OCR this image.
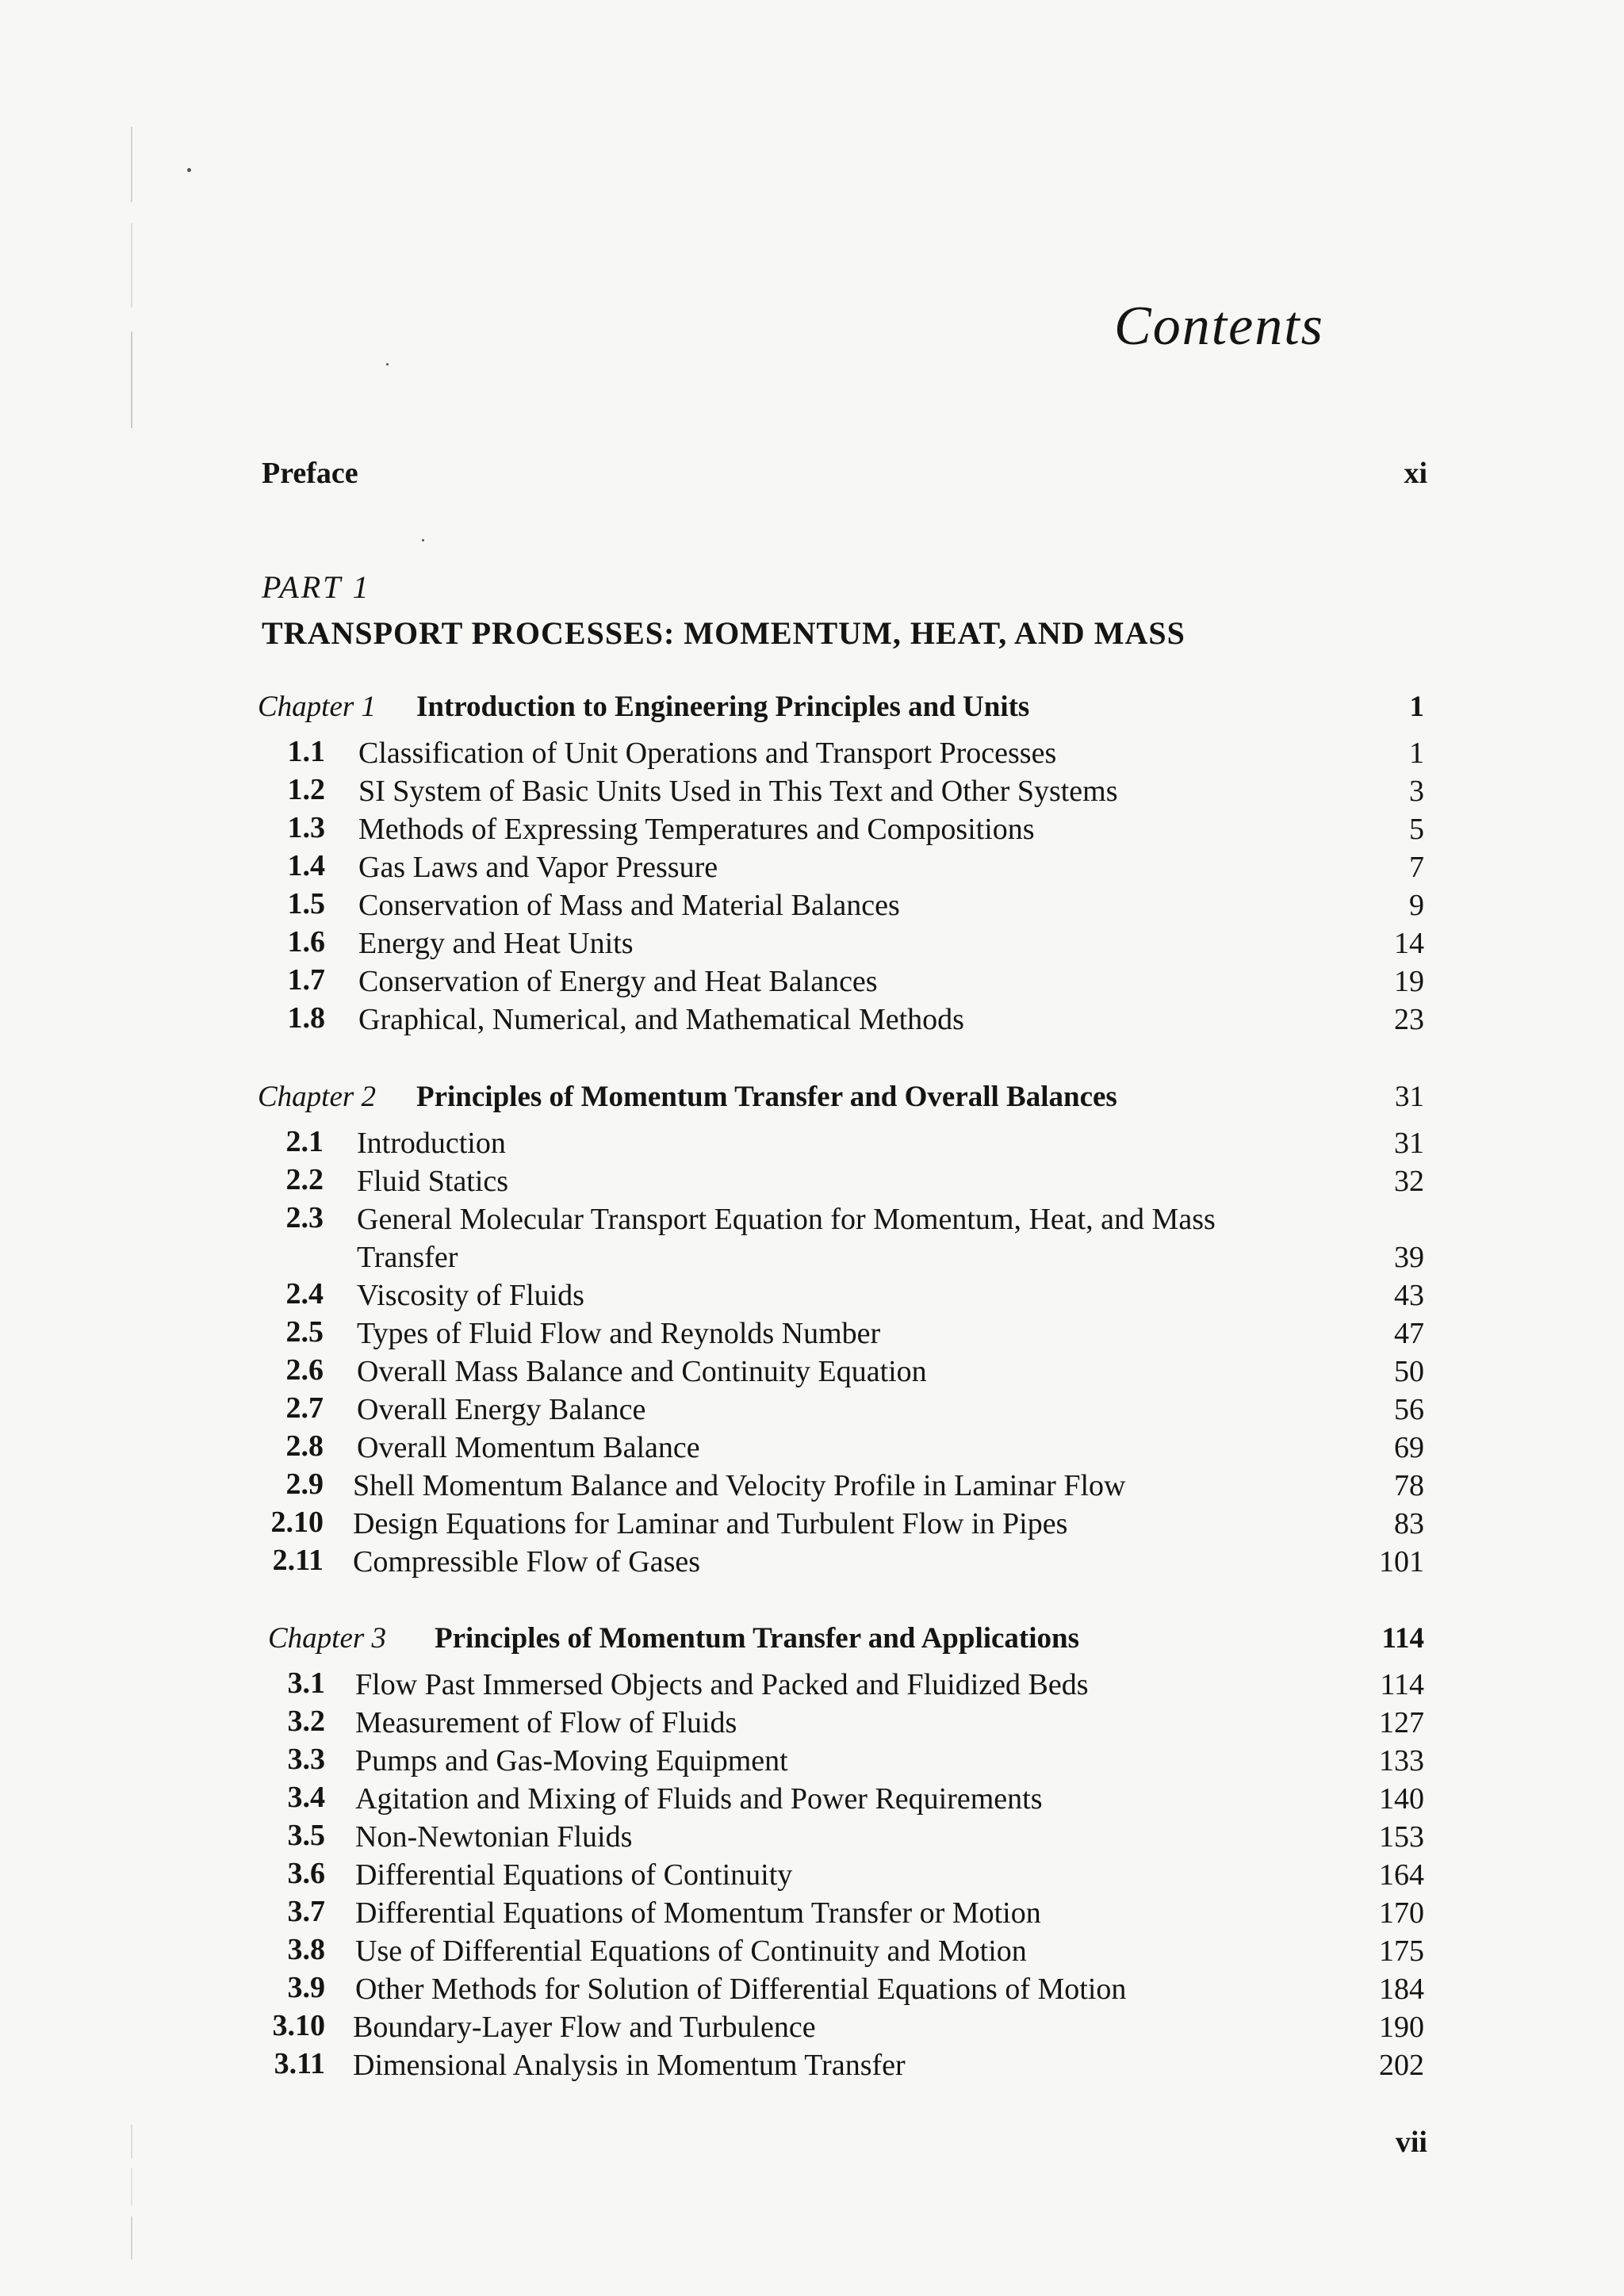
Contents
Preface	xi
PART 1
TRANSPORT PROCESSES: MOMENTUM, HEAT, AND MASS
Chapter 1 Introduction to Engineering Principles and Units	1
1.1 Classification of Unit Operations and Transport Processes	1
1.2 SI System of Basic Units Used in This Text and Other Systems	3
1.3 Methods of Expressing Temperatures and Compositions	5
1.4 Gas Laws and Vapor Pressure	7
1.5 Conservation of Mass and Material Balances	9
1.6 Energy and Heat Units	14
1.7 Conservation of Energy and Heat Balances	19
1.8 Graphical, Numerical, and Mathematical Methods	23
Chapter 2 Principles of Momentum Transfer and Overall Balances	31
2.1 Introduction	31
2.2 Fluid Statics	32
2.3 General Molecular Transport Equation for Momentum, Heat, and Mass Transfer	39
2.4 Viscosity of Fluids	43
2.5 Types of Fluid Flow and Reynolds Number	47
2.6 Overall Mass Balance and Continuity Equation	50
2.7 Overall Energy Balance	56
2.8 Overall Momentum Balance	69
2.9 Shell Momentum Balance and Velocity Profile in Laminar Flow	78
2.10 Design Equations for Laminar and Turbulent Flow in Pipes	83
2.11 Compressible Flow of Gases	101
Chapter 3 Principles of Momentum Transfer and Applications	114
3.1 Flow Past Immersed Objects and Packed and Fluidized Beds	114
3.2 Measurement of Flow of Fluids	127
3.3 Pumps and Gas-Moving Equipment	133
3.4 Agitation and Mixing of Fluids and Power Requirements	140
3.5 Non-Newtonian Fluids	153
3.6 Differential Equations of Continuity	164
3.7 Differential Equations of Momentum Transfer or Motion	170
3.8 Use of Differential Equations of Continuity and Motion	175
3.9 Other Methods for Solution of Differential Equations of Motion	184
3.10 Boundary-Layer Flow and Turbulence	190
3.11 Dimensional Analysis in Momentum Transfer	202
vii
